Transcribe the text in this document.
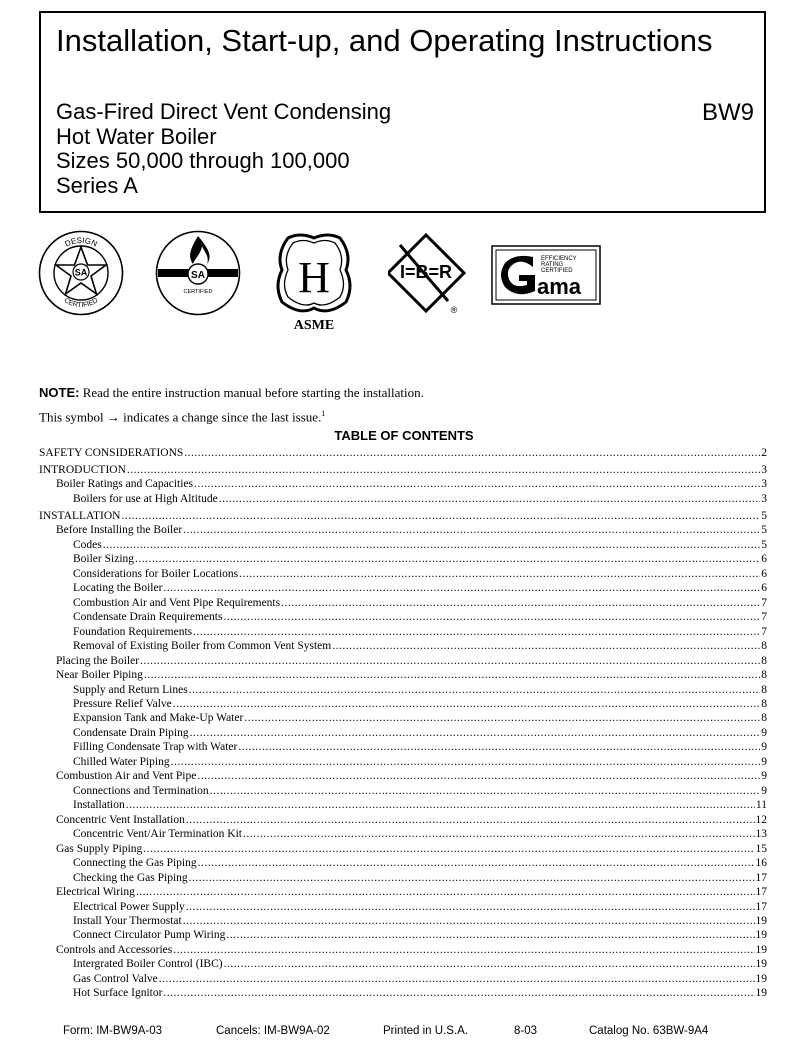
Installation, Start-up, and Operating Instructions
Gas-Fired Direct Vent Condensing
Hot Water Boiler
Sizes 50,000 through 100,000
Series A
BW9
DESIGN
CERTIFIED
SA	SA
CERTIFIED H
ASME
I=B=R
®
EFFICIENCY
RATING
CERTIFIED
ama
NOTE: Read the entire instruction manual before starting the installation.
This symbol → indicates a change since the last issue.$^1$
TABLE OF CONTENTS
SAFETY CONSIDERATIONS .....	2
INTRODUCTION .....	3
Boiler Ratings and Capacities .....	3
Boilers for use at High Altitude .....	3
INSTALLATION .....	5
Before Installing the Boiler .....	5
Codes .....	5
Boiler Sizing .....	6
Considerations for Boiler Locations .....	6
Locating the Boiler .....	6
Combustion Air and Vent Pipe Requirements .....	7
Condensate Drain Requirements .....	7
Foundation Requirements .....	7
Removal of Existing Boiler from Common Vent System .....	8
Placing the Boiler .....	8
Near Boiler Piping .....	8
Supply and Return Lines .....	8
Pressure Relief Valve .....	8
Expansion Tank and Make-Up Water .....	8
Condensate Drain Piping .....	9
Filling Condensate Trap with Water .....	9
Chilled Water Piping .....	9
Combustion Air and Vent Pipe .....	9
Connections and Termination .....	9
Installation .....	11
Concentric Vent Installation .....	12
Concentric Vent/Air Termination Kit .....	13
Gas Supply Piping .....	15
Connecting the Gas Piping .....	16
Checking the Gas Piping .....	17
Electrical Wiring .....	17
Electrical Power Supply .....	17
Install Your Thermostat .....	19
Connect Circulator Pump Wiring .....	19
Controls and Accessories .....	19
Intergrated Boiler Control (IBC) .....	19
Gas Control Valve .....	19
Hot Surface Ignitor .....	19
Form: IM-BW9A-03	Cancels: IM-BW9A-02	Printed in U.S.A.	8-03	Catalog No. 63BW-9A4
